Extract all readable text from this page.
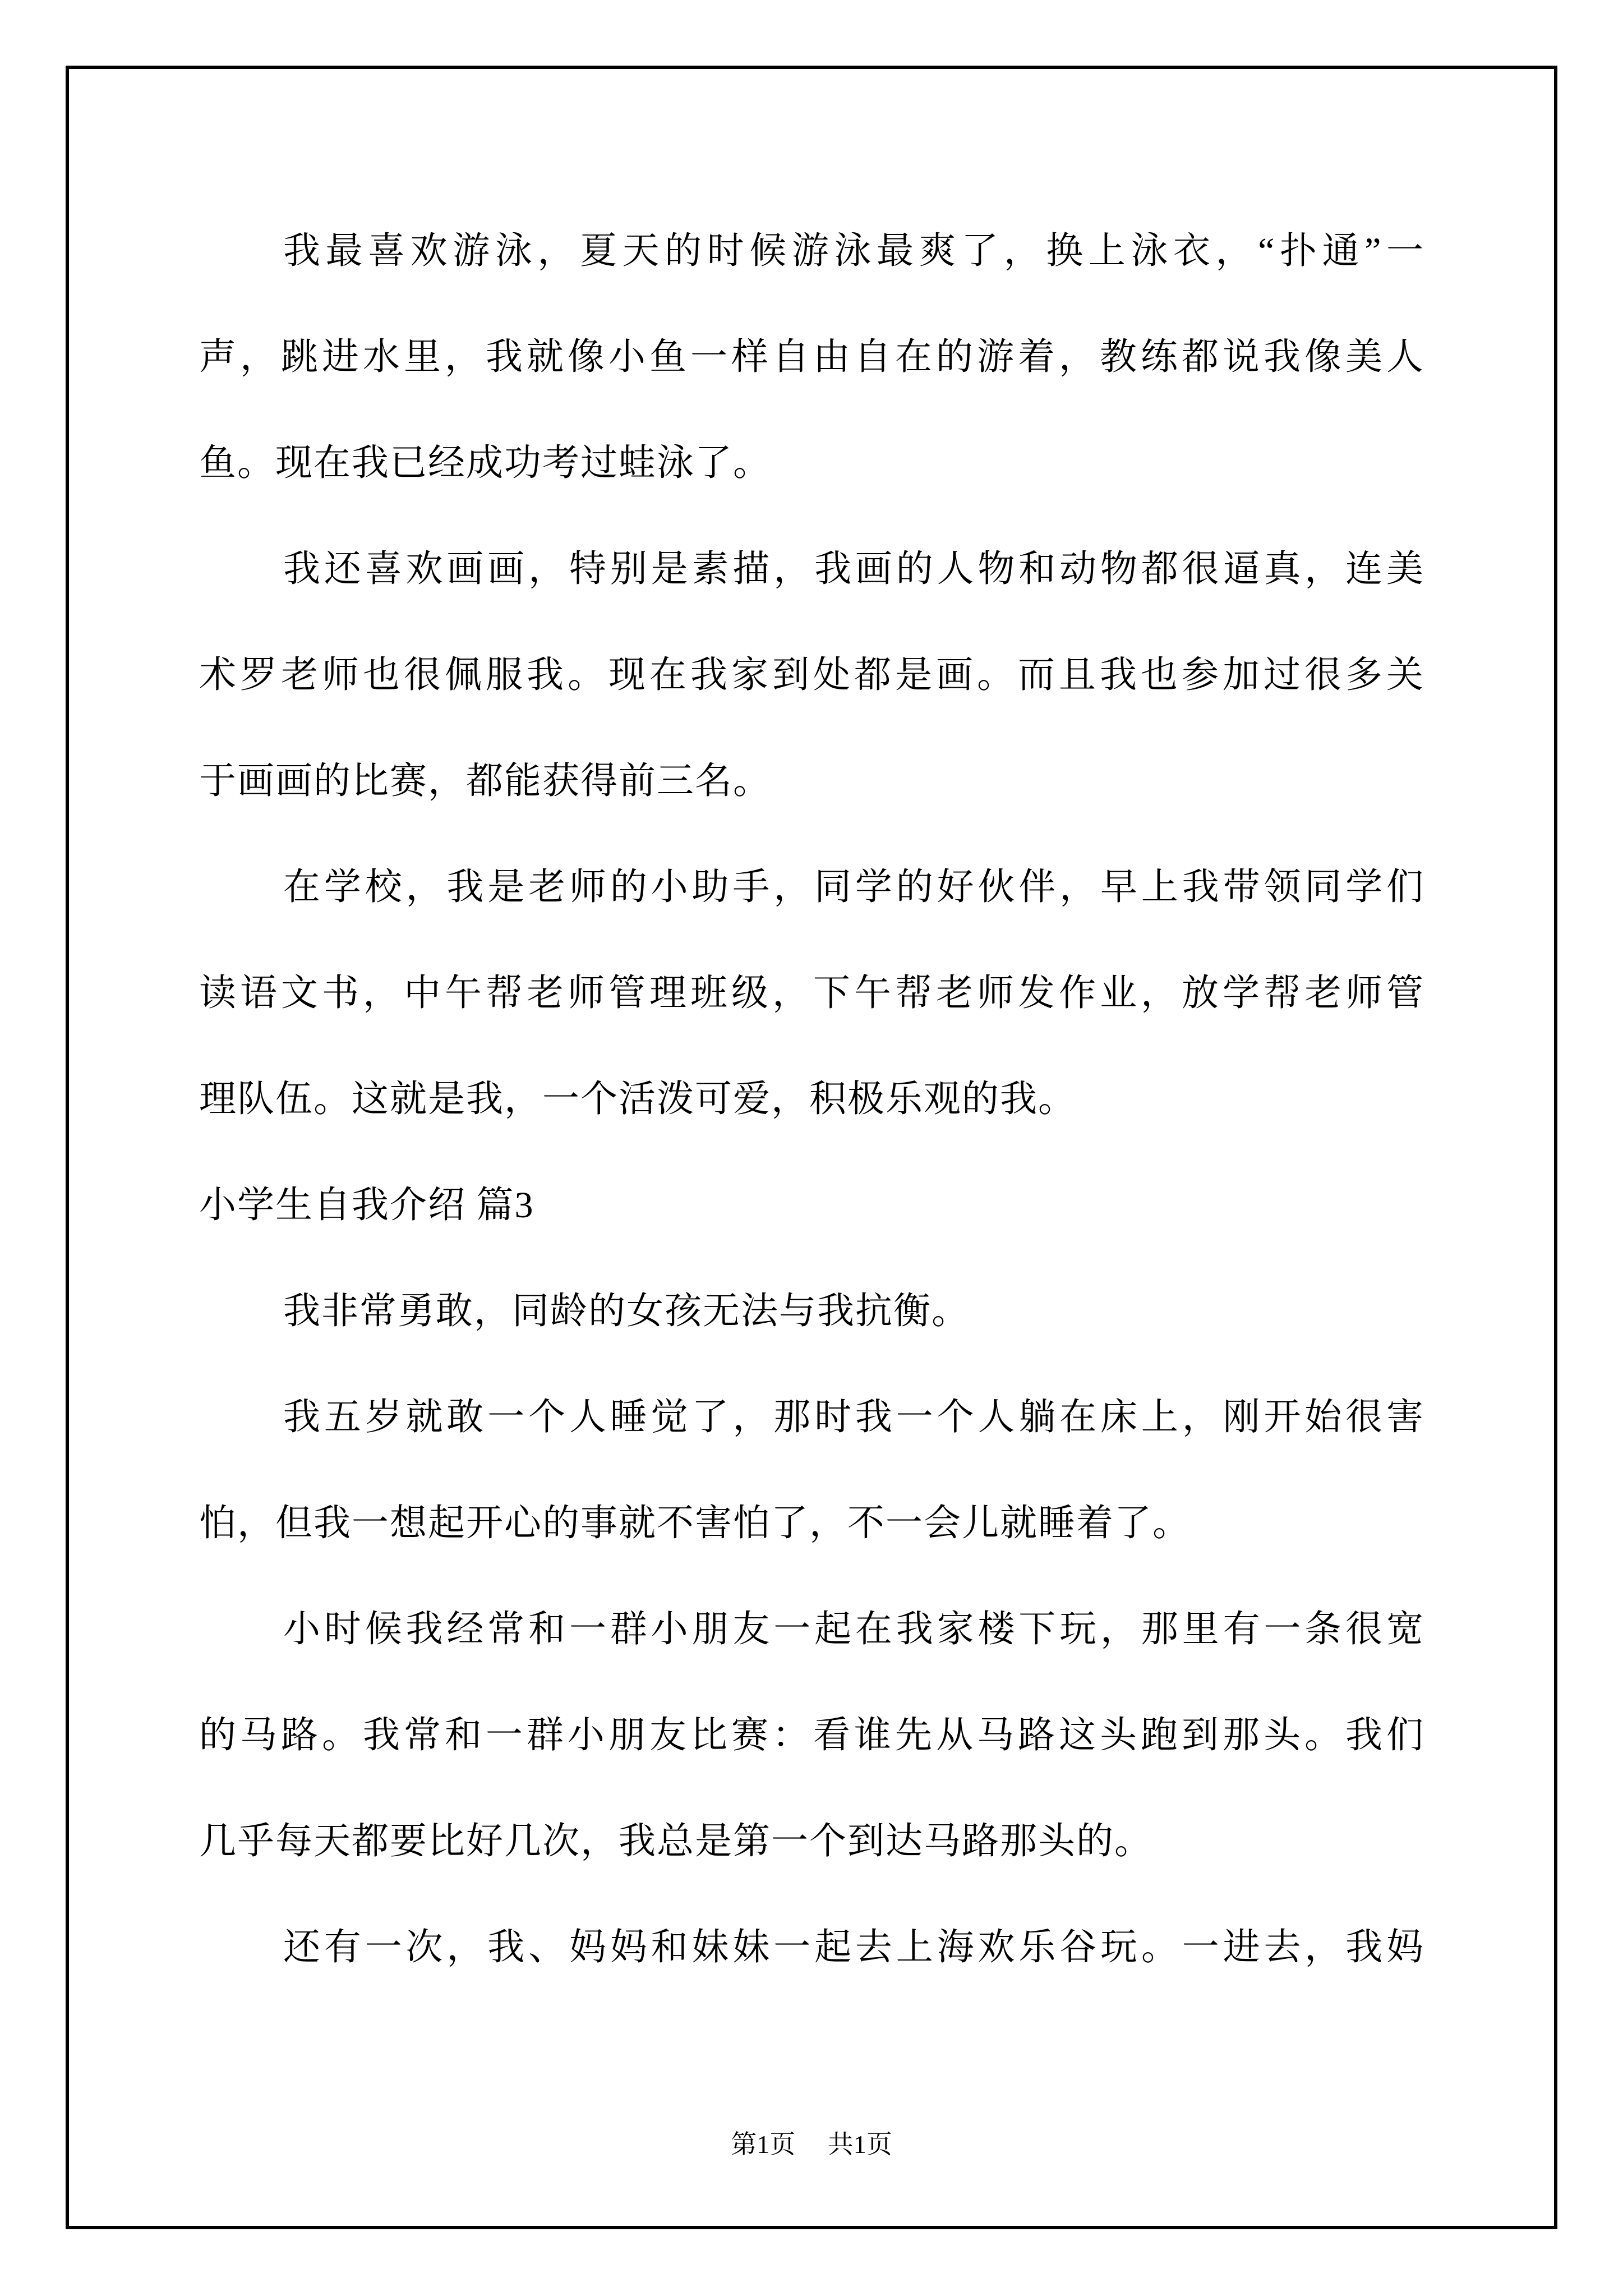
我最喜欢游泳，夏天的时候游泳最爽了，换上泳衣，“扑通”一
声，跳进水里，我就像小鱼一样自由自在的游着，教练都说我像美人
鱼。现在我已经成功考过蛙泳了。
我还喜欢画画，特别是素描，我画的人物和动物都很逼真，连美
术罗老师也很佩服我。现在我家到处都是画。而且我也参加过很多关
于画画的比赛，都能获得前三名。
在学校，我是老师的小助手，同学的好伙伴，早上我带领同学们
读语文书，中午帮老师管理班级，下午帮老师发作业，放学帮老师管
理队伍。这就是我，一个活泼可爱，积极乐观的我。
小学生自我介绍 篇3
我非常勇敢，同龄的女孩无法与我抗衡。
我五岁就敢一个人睡觉了，那时我一个人躺在床上，刚开始很害
怕，但我一想起开心的事就不害怕了，不一会儿就睡着了。
小时候我经常和一群小朋友一起在我家楼下玩，那里有一条很宽
的马路。我常和一群小朋友比赛：看谁先从马路这头跑到那头。我们
几乎每天都要比好几次，我总是第一个到达马路那头的。
还有一次，我、妈妈和妹妹一起去上海欢乐谷玩。一进去，我妈
第1页 共1页
